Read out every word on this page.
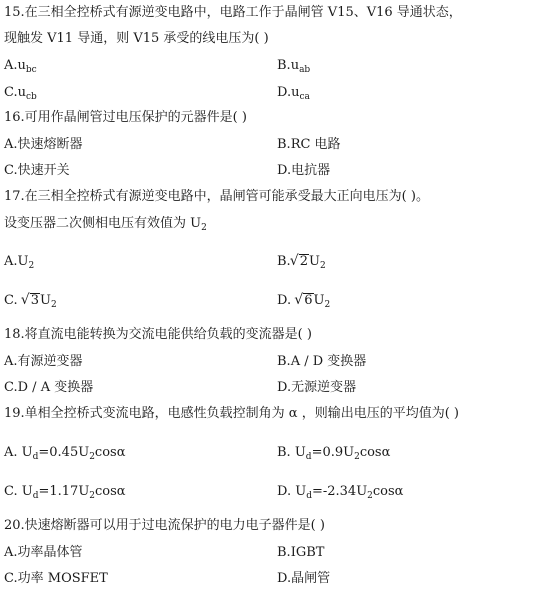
15.在三相全控桥式有源逆变电路中，电路工作于晶闸管 V15、V16 导通状态，
现触发 V11 导通，则 V15 承受的线电压为( )
$A.u_{bc}$	$B.u_{ab}$
$C.u_{cb}$	$D.u_{ca}$
16.可用作晶闸管过电压保护的元器件是( )
A.快速熔断器	B.RC 电路
C.快速开关	D.电抗器
17.在三相全控桥式有源逆变电路中，晶闸管可能承受最大正向电压为( )。
设变压器二次侧相电压有效值为 $U_2$
$A.U_2$	B.√ $2U_2$
C. √ $3U_2$	D. √ $6U_2$
18.将直流电能转换为交流电能供给负载的变流器是( )
A.有源逆变器	B.A / D 变换器
C.D / A 变换器	D.无源逆变器
19.单相全控桥式变流电路，电感性负载控制角为 α ，则输出电压的平均值为( )
A. $U_d=0.45U_2\cos\alpha$	B. $U_d=0.9U_2\cos\alpha$
C. $U_d=1.17U_2\cos\alpha$	D. $U_d=-2.34U_2\cos\alpha$
20.快速熔断器可以用于过电流保护的电力电子器件是( )
A.功率晶体管	B.IGBT
C.功率 MOSFET	D.晶闸管
